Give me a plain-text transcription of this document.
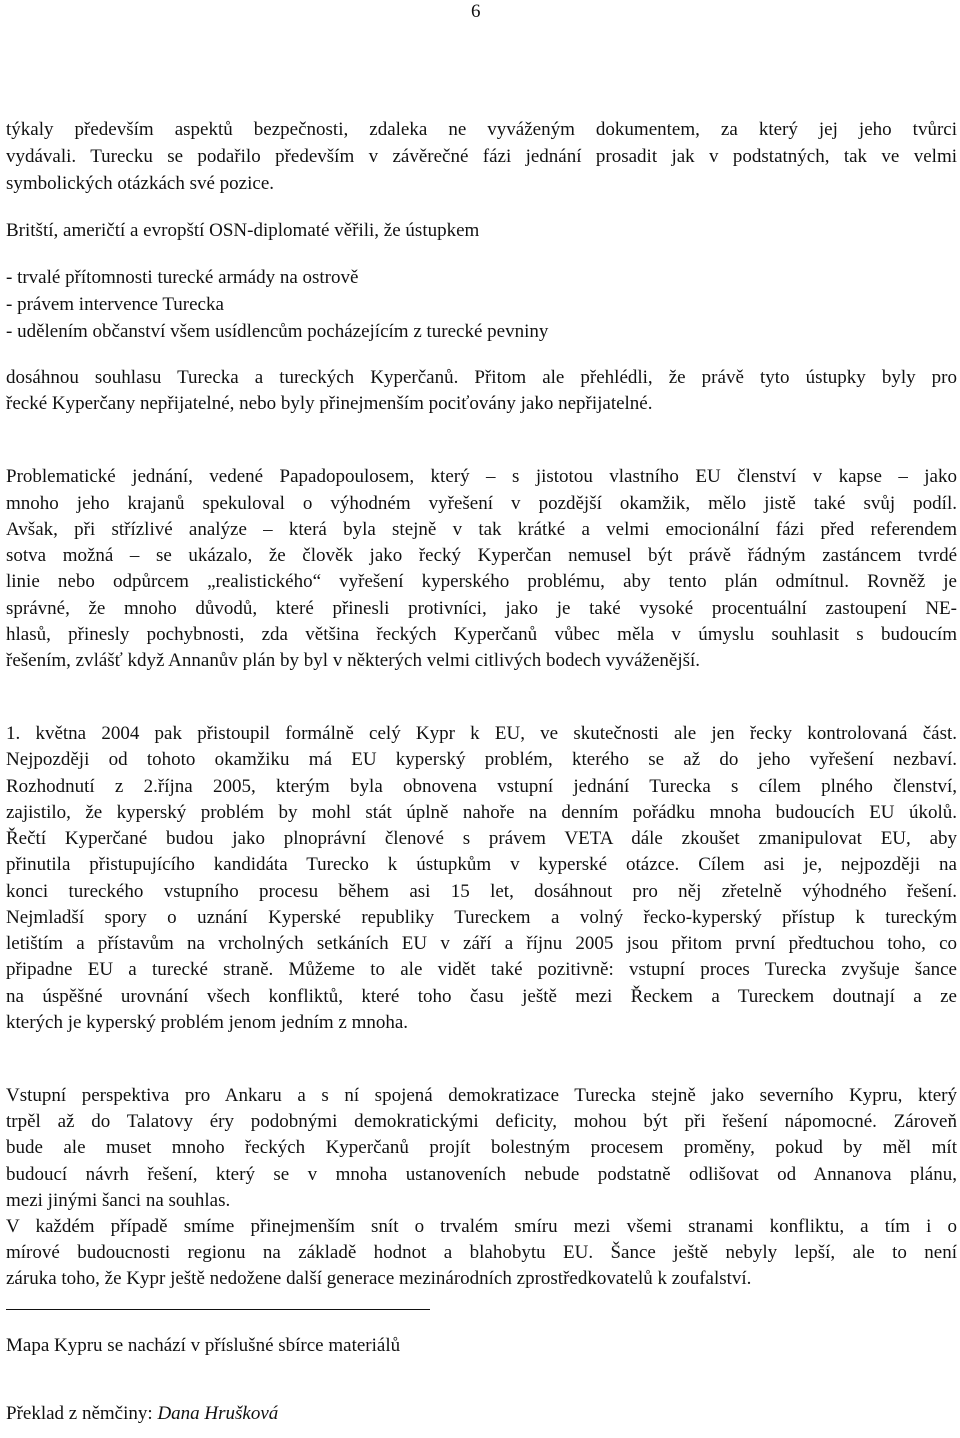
6
týkaly především aspektů bezpečnosti, zdaleka ne vyváženým dokumentem, za který jej jeho tvůrci
vydávali. Turecku se podařilo především v závěrečné fázi jednání prosadit jak v podstatných, tak ve velmi
symbolických otázkách své pozice.
Britští, američtí a evropští OSN-diplomaté věřili, že ústupkem
- trvalé přítomnosti turecké armády na ostrově
- právem intervence Turecka
- udělením občanství všem usídlencům pocházejícím z turecké pevniny
dosáhnou souhlasu Turecka a tureckých Kyperčanů. Přitom ale přehlédli, že právě tyto ústupky byly pro
řecké Kyperčany nepřijatelné, nebo byly přinejmenším pociťovány jako nepřijatelné.
Problematické jednání, vedené Papadopoulosem, který – s jistotou vlastního EU členství v kapse – jako
mnoho jeho krajanů spekuloval o výhodném vyřešení v pozdější okamžik, mělo jistě také svůj podíl.
Avšak, při střízlivé analýze – která byla stejně v tak krátké a velmi emocionální fázi před referendem
sotva možná – se ukázalo, že člověk jako řecký Kyperčan nemusel být právě řádným zastáncem tvrdé
linie nebo odpůrcem „realistického“ vyřešení kyperského problému, aby tento plán odmítnul. Rovněž je
správné, že mnoho důvodů, které přinesli protivníci, jako je také vysoké procentuální zastoupení NE-
hlasů, přinesly pochybnosti, zda většina řeckých Kyperčanů vůbec měla v úmyslu souhlasit s budoucím
řešením, zvlášť když Annanův plán by byl v některých velmi citlivých bodech vyváženější.
1. května 2004 pak přistoupil formálně celý Kypr k EU, ve skutečnosti ale jen řecky kontrolovaná část.
Nejpozději od tohoto okamžiku má EU kyperský problém, kterého se až do jeho vyřešení nezbaví.
Rozhodnutí z 2.října 2005, kterým byla obnovena vstupní jednání Turecka s cílem plného členství,
zajistilo, že kyperský problém by mohl stát úplně nahoře na denním pořádku mnoha budoucích EU úkolů.
Řečtí Kyperčané budou jako plnoprávní členové s právem VETA dále zkoušet zmanipulovat EU, aby
přinutila přistupujícího kandidáta Turecko k ústupkům v kyperské otázce. Cílem asi je, nejpozději na
konci tureckého vstupního procesu během asi 15 let, dosáhnout pro něj zřetelně výhodného řešení.
Nejmladší spory o uznání Kyperské republiky Tureckem a volný řecko-kyperský přístup k tureckým
letištím a přístavům na vrcholných setkáních EU v září a říjnu 2005 jsou přitom první předtuchou toho, co
připadne EU a turecké straně. Můžeme to ale vidět také pozitivně: vstupní proces Turecka zvyšuje šance
na úspěšné urovnání všech konfliktů, které toho času ještě mezi Řeckem a Tureckem doutnají a ze
kterých je kyperský problém jenom jedním z mnoha.
Vstupní perspektiva pro Ankaru a s ní spojená demokratizace Turecka stejně jako severního Kypru, který
trpěl až do Talatovy éry podobnými demokratickými deficity, mohou být při řešení nápomocné. Zároveň
bude ale muset mnoho řeckých Kyperčanů projít bolestným procesem proměny, pokud by měl mít
budoucí návrh řešení, který se v mnoha ustanoveních nebude podstatně odlišovat od Annanova plánu,
mezi jinými šanci na souhlas.
V každém případě smíme přinejmenším snít o trvalém smíru mezi všemi stranami konfliktu, a tím i o
mírové budoucnosti regionu na základě hodnot a blahobytu EU. Šance ještě nebyly lepší, ale to není
záruka toho, že Kypr ještě nedožene další generace mezinárodních zprostředkovatelů k zoufalství.
Mapa Kypru se nachází v příslušné sbírce materiálů
Překlad z němčiny: Dana Hrušková
